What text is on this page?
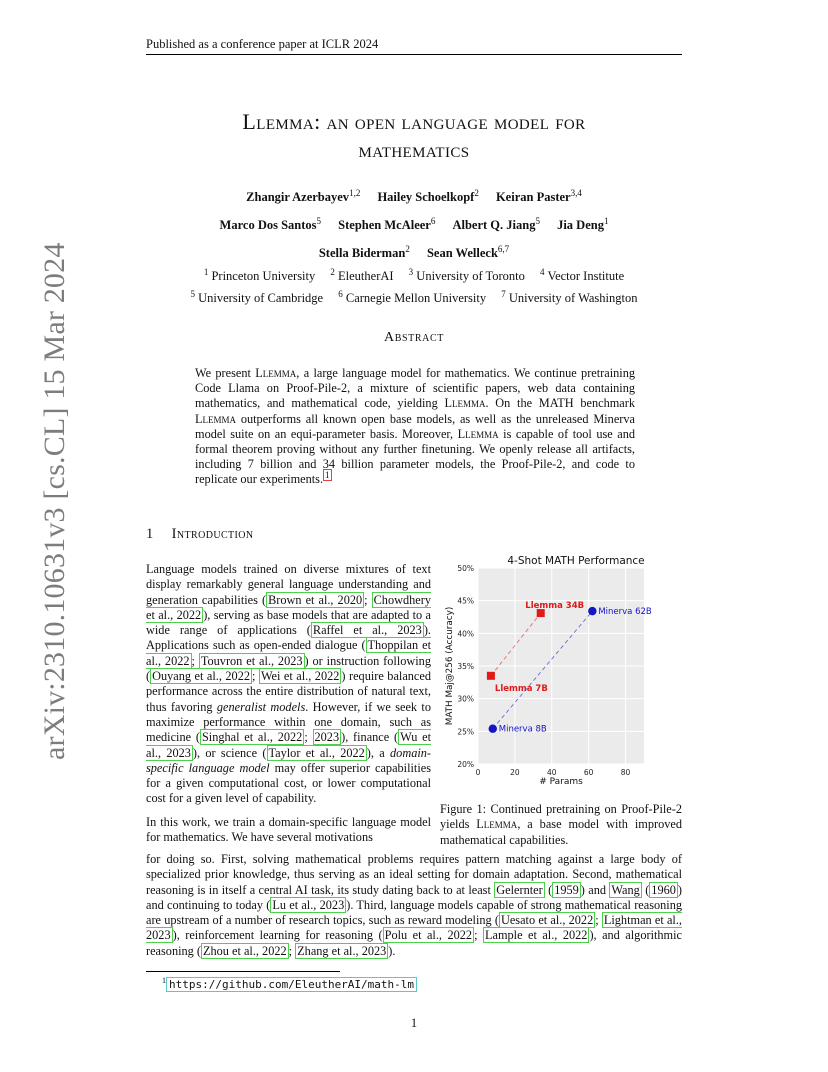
Published as a conference paper at ICLR 2024
arXiv:2310.10631v3 [cs.CL] 15 Mar 2024
Llemma: an open language model for
mathematics
Zhangir Azerbayev$^{1,2}$ Hailey Schoelkopf$^2$ Keiran Paster$^{3,4}$
Marco Dos Santos$^5$ Stephen McAleer$^6$ Albert Q. Jiang$^5$ Jia Deng$^1$
Stella Biderman$^2$ Sean Welleck$^{6,7}$
$^1$ Princeton University $^2$ EleutherAI $^3$ University of Toronto $^4$ Vector Institute
$^5$ University of Cambridge $^6$ Carnegie Mellon University $^7$ University of Washington
Abstract
We present Llemma, a large language model for mathematics. We continue pretraining Code Llama on Proof-Pile-2, a mixture of scientific papers, web data containing mathematics, and mathematical code, yielding Llemma. On the MATH benchmark Llemma outperforms all known open base models, as well as the unreleased Minerva model suite on an equi-parameter basis. Moreover, Llemma is capable of tool use and formal theorem proving without any further finetuning. We openly release all artifacts, including 7 billion and 34 billion parameter models, the Proof-Pile-2, and code to replicate our experiments. $^1$
1 Introduction

Language models trained on diverse mixtures of text display remarkably general language understanding and generation capabilities ( Brown et al., 2020 ; Chowdhery et al., 2022 ), serving as base models that are adapted to a wide range of applications ( Raffel et al., 2023 ). Applications such as open-ended dialogue ( Thoppilan et al., 2022 ; Touvron et al., 2023 ) or instruction following ( Ouyang et al., 2022 ; Wei et al., 2022 ) require balanced performance across the entire distribution of natural text, thus favoring generalist models. However, if we seek to maximize performance within one domain, such as medicine ( Singhal et al., 2022 ; 2023 ), finance ( Wu et al., 2023 ), or science ( Taylor et al., 2022 ), a domain-specific language model may offer superior capabilities for a given computational cost, or lower computational cost for a given level of capability.

In this work, we train a domain-specific language model for mathematics. We have several motivations

4-Shot MATH Performance
20%
25%
30%
35%
40%
45%
50%
0	20	40	60	80
Llemma 7B
Llemma 34B
Minerva 8B
Minerva 62B
# Params
MATH Maj@256 (Accuracy)
Figure 1: Continued pretraining on Proof-Pile-2 yields Llemma, a base model with improved mathematical capabilities.
for doing so. First, solving mathematical problems requires pattern matching against a large body of specialized prior knowledge, thus serving as an ideal setting for domain adaptation. Second, mathematical reasoning is in itself a central AI task, its study dating back to at least Gelernter ( 1959 ) and Wang ( 1960 ) and continuing to today ( Lu et al., 2023 ). Third, language models capable of strong mathematical reasoning are upstream of a number of research topics, such as reward modeling ( Uesato et al., 2022 ; Lightman et al., 2023 ), reinforcement learning for reasoning ( Polu et al., 2022 ; Lample et al., 2022 ), and algorithmic reasoning ( Zhou et al., 2022 ; Zhang et al., 2023 ).
$^1$ https://github.com/EleutherAI/math-lm
1
